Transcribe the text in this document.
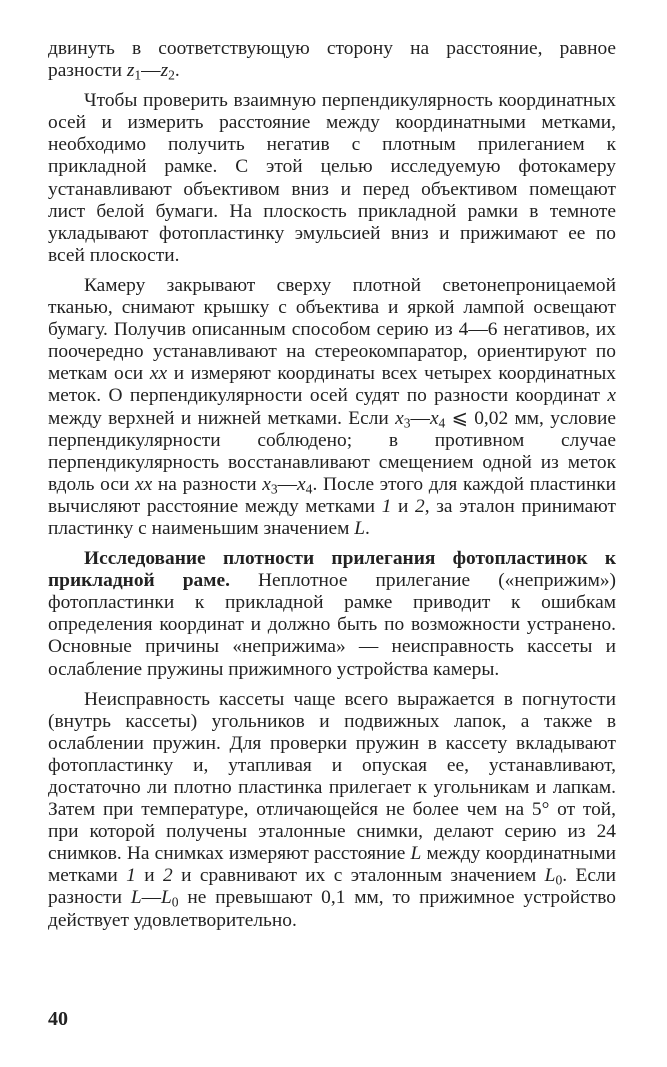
двинуть в соответствующую сторону на расстояние, равное разности $z_1—z_2$.

Чтобы проверить взаимную перпендикулярность координатных осей и измерить расстояние между координатными метками, необходимо получить негатив с плотным прилеганием к прикладной рамке. С этой целью исследуемую фотокамеру устанавливают объективом вниз и перед объективом помещают лист белой бумаги. На плоскость прикладной рамки в темноте укладывают фотопластинку эмульсией вниз и прижимают ее по всей плоскости.

Камеру закрывают сверху плотной светонепроницаемой тканью, снимают крышку с объектива и яркой лампой освещают бумагу. Получив описанным способом серию из 4—6 негативов, их поочередно устанавливают на стереокомпаратор, ориентируют по меткам оси xx и измеряют координаты всех четырех координатных меток. О перпендикулярности осей судят по разности координат x между верхней и нижней метками. Если $x_3—x_4$ ⩽ 0,02 мм, условие перпендикулярности соблюдено; в противном случае перпендикулярность восстанавливают смещением одной из меток вдоль оси xx на разности $x_3—x_4$. После этого для каждой пластинки вычисляют расстояние между метками 1 и 2, за эталон принимают пластинку с наименьшим значением L.

Исследование плотности прилегания фотопластинок к прикладной раме. Неплотное прилегание («неприжим») фотопластинки к прикладной рамке приводит к ошибкам определения координат и должно быть по возможности устранено. Основные причины «неприжима» — неисправность кассеты и ослабление пружины прижимного устройства камеры.

Неисправность кассеты чаще всего выражается в погнутости (внутрь кассеты) угольников и подвижных лапок, а также в ослаблении пружин. Для проверки пружин в кассету вкладывают фотопластинку и, утапливая и опуская ее, устанавливают, достаточно ли плотно пластинка прилегает к угольникам и лапкам. Затем при температуре, отличающейся не более чем на 5° от той, при которой получены эталонные снимки, делают серию из 24 снимков. На снимках измеряют расстояние L между координатными метками 1 и 2 и сравнивают их с эталонным значением $L_0$. Если разности $L—L_0$ не превышают 0,1 мм, то прижимное устройство действует удовлетворительно.

40
